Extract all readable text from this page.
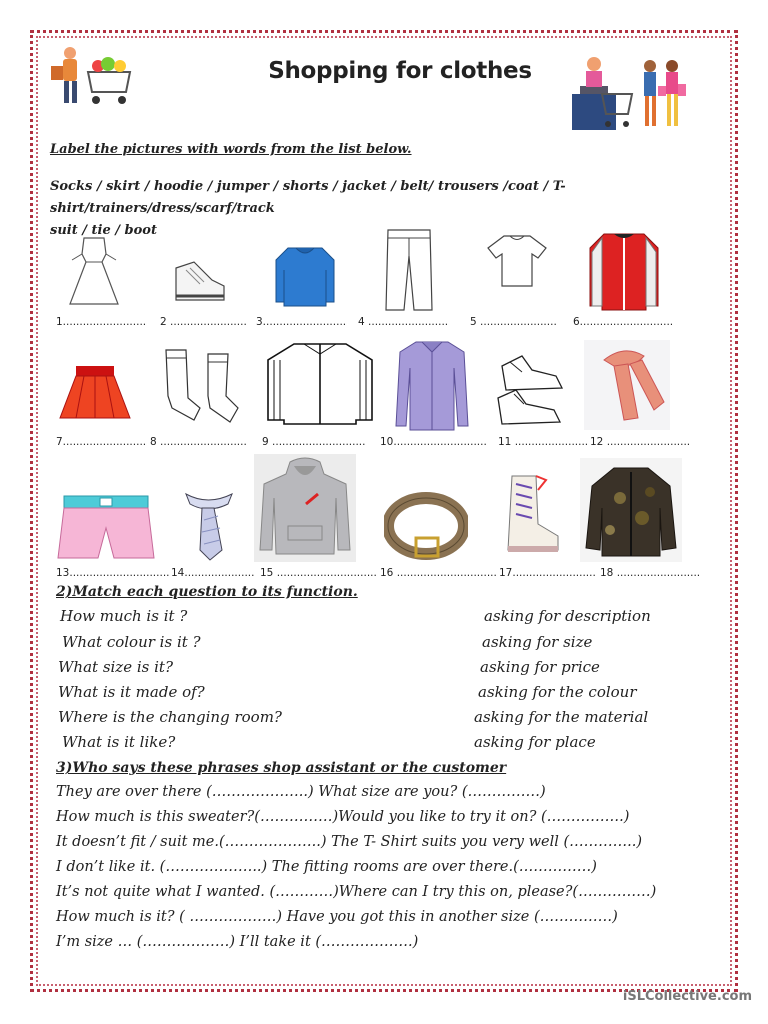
Shopping for clothes
Label the pictures with words from the list below.
Socks / skirt / hoodie / jumper / shorts / jacket / belt/ trousers /coat / T- shirt/trainers/dress/scarf/track
suit / tie / boot
1......................... 2 ....................... 3......................... 4 ........................ 5 ....................... 6............................
7......................... 8 .......................... 9 ............................ 10............................ 11 ...................... 12 .........................
13.............................. 14..................... 15 .............................. 16 .............................. 17......................... 18 .........................
2)Match each question to its function.
How much is it ?
What colour is it ?
What size is it?
What is it made of?
Where is the changing room?
What is it like?
asking for description
asking for size
asking for price
asking for the colour
asking for the material
asking for place
3)Who says these phrases shop assistant or the customer
They are over there (………………..) What size are you? (……………)
How much is this sweater?(……………)Would you like to try it on? (…………….)
It doesn’t fit / suit me.(………………..) The T- Shirt suits you very well (…………..)
I don’t like it. (………………..) The fitting rooms are over there.(……………)
It’s not quite what I wanted. (…………)Where can I try this on, please?(……………)
How much is it? ( ………………) Have you got this in another size (……………)
I’m size … (………………) I’ll take it (……………….)
iSLCollective.com
